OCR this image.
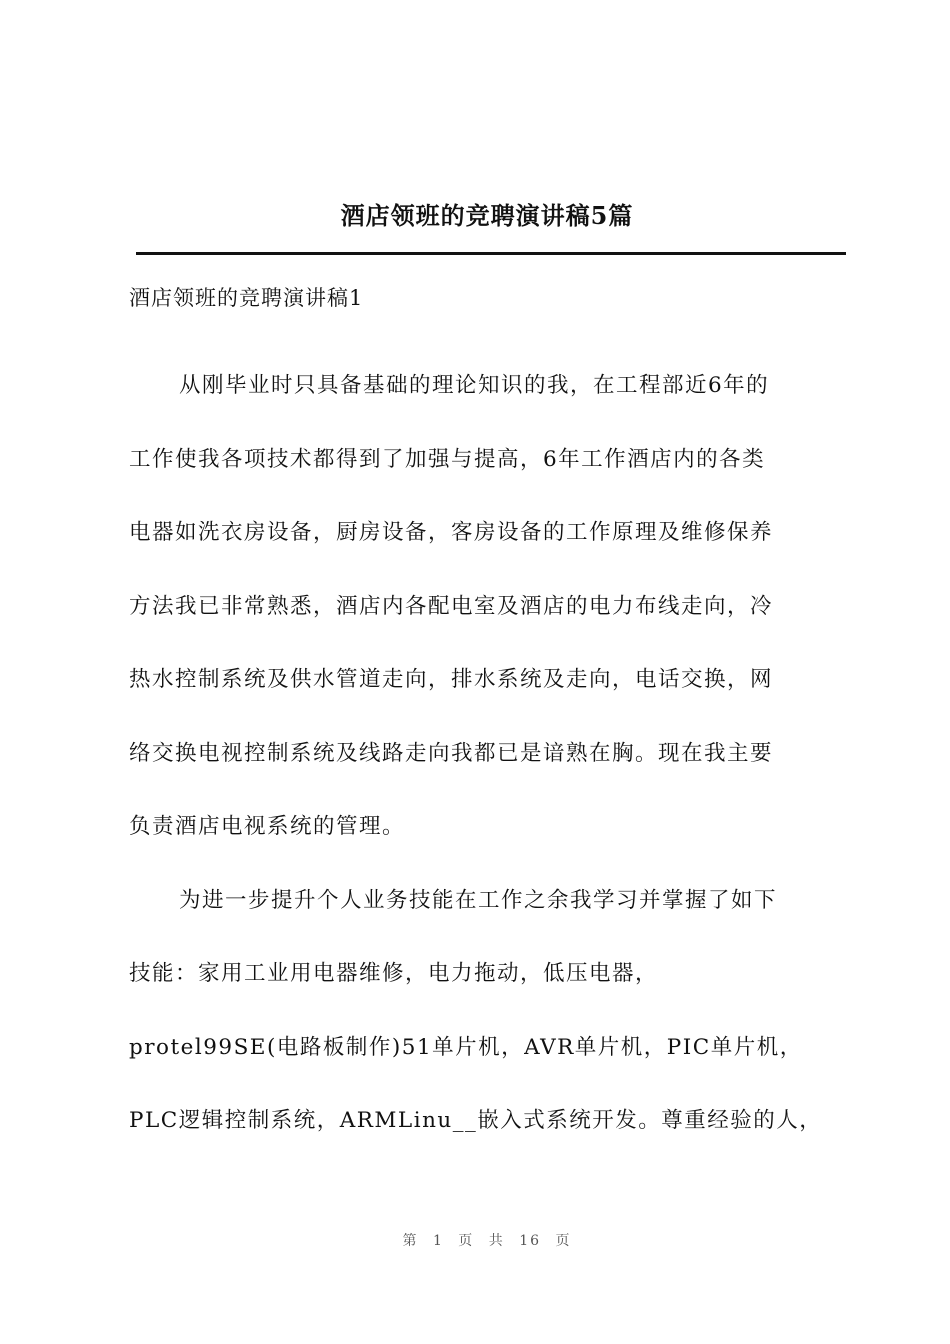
酒店领班的竞聘演讲稿5篇
酒店领班的竞聘演讲稿1
从刚毕业时只具备基础的理论知识的我，在工程部近6年的
工作使我各项技术都得到了加强与提高，6年工作酒店内的各类
电器如洗衣房设备，厨房设备，客房设备的工作原理及维修保养
方法我已非常熟悉，酒店内各配电室及酒店的电力布线走向，冷
热水控制系统及供水管道走向，排水系统及走向，电话交换，网
络交换电视控制系统及线路走向我都已是谙熟在胸。现在我主要
负责酒店电视系统的管理。
为进一步提升个人业务技能在工作之余我学习并掌握了如下
技能：家用工业用电器维修，电力拖动，低压电器，
protel99SE(电路板制作)51单片机，AVR单片机，PIC单片机，
PLC逻辑控制系统，ARMLinu__嵌入式系统开发。尊重经验的人，
第 1 页 共 16 页
